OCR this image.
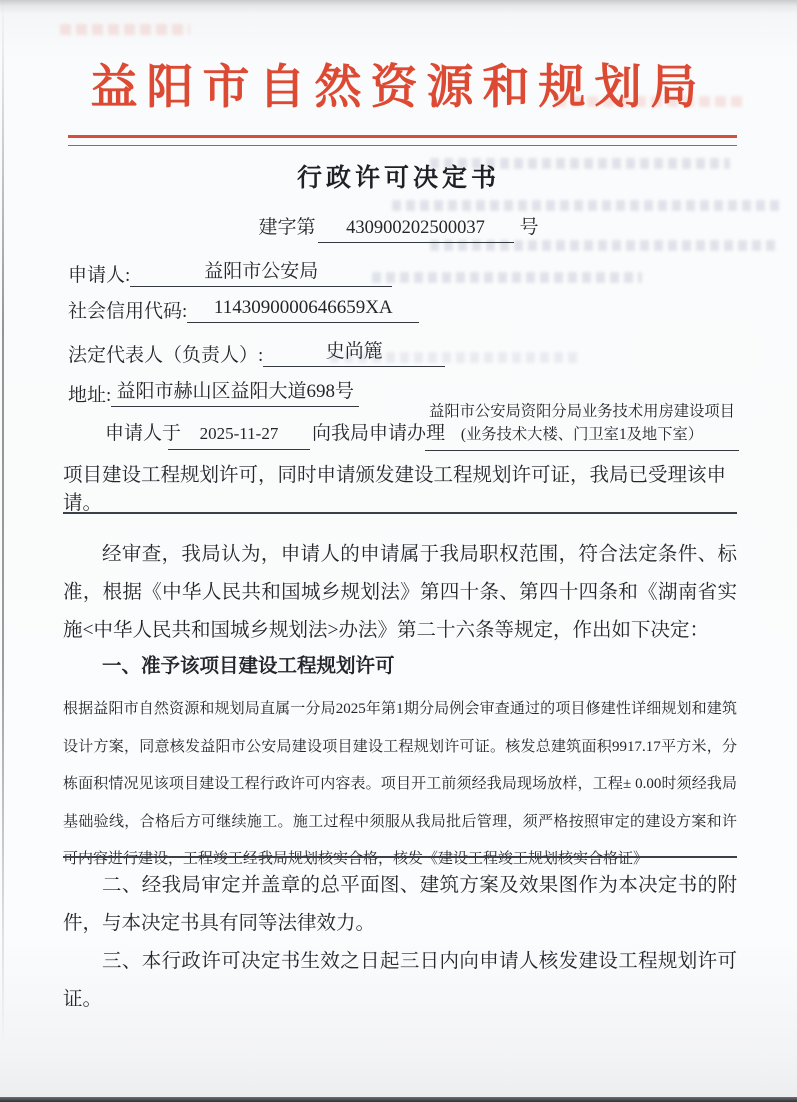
益阳市自然资源和规划局
行政许可决定书
建字第	430900202500037	号
申请人:	益阳市公安局
社会信用代码: 1143090000646659XA
法定代表人（负责人）:	史尚簏
地址: 益阳市赫山区益阳大道698号
申请人于	2025-11-27	向我局申请办理
益阳市公安局资阳分局业务技术用房建设项目(业务技术大楼、门卫室1及地下室）
项目建设工程规划许可，同时申请颁发建设工程规划许可证，我局已受理该申请。
经审查，我局认为，申请人的申请属于我局职权范围，符合法定条件、标准，根据《中华人民共和国城乡规划法》第四十条、第四十四条和《湖南省实施<中华人民共和国城乡规划法>办法》第二十六条等规定，作出如下决定：
一、准予该项目建设工程规划许可
根据益阳市自然资源和规划局直属一分局2025年第1期分局例会审查通过的项目修建性详细规划和建筑设计方案，同意核发益阳市公安局建设项目建设工程规划许可证。核发总建筑面积9917.17平方米，分栋面积情况见该项目建设工程行政许可内容表。项目开工前须经我局现场放样，工程± 0.00时须经我局基础验线，合格后方可继续施工。施工过程中须服从我局批后管理，须严格按照审定的建设方案和许可内容进行建设，工程竣工经我局规划核实合格，核发《建设工程竣工规划核实合格证》
二、经我局审定并盖章的总平面图、建筑方案及效果图作为本决定书的附件，与本决定书具有同等法律效力。
三、本行政许可决定书生效之日起三日内向申请人核发建设工程规划许可证。
